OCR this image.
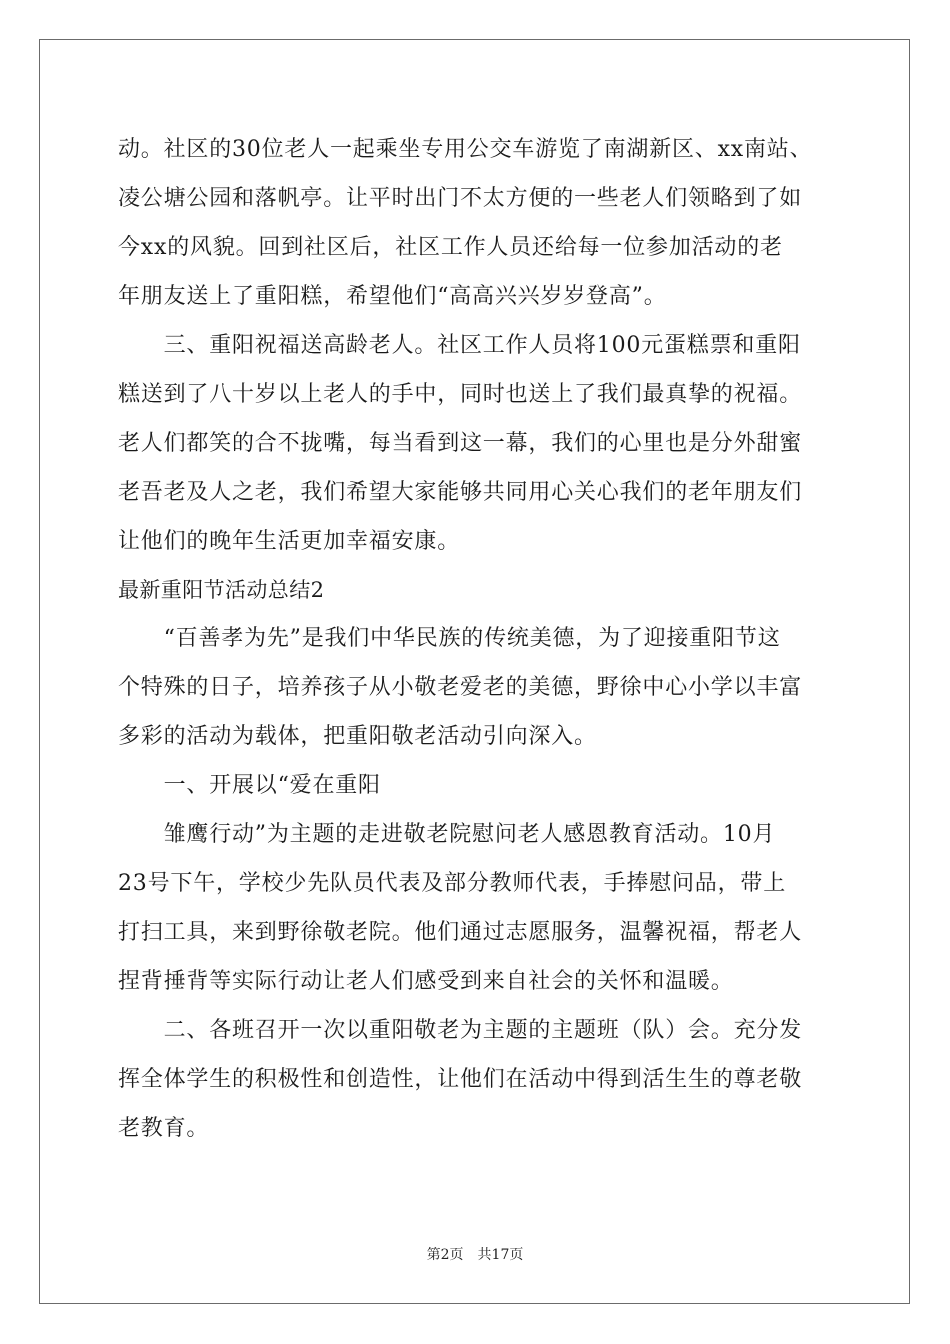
动。社区的30位老人一起乘坐专用公交车游览了南湖新区、xx南站、
凌公塘公园和落帆亭。让平时出门不太方便的一些老人们领略到了如
今xx的风貌。回到社区后，社区工作人员还给每一位参加活动的老
年朋友送上了重阳糕，希望他们“高高兴兴岁岁登高”。
　　三、重阳祝福送高龄老人。社区工作人员将100元蛋糕票和重阳
糕送到了八十岁以上老人的手中，同时也送上了我们最真挚的祝福。
老人们都笑的合不拢嘴，每当看到这一幕，我们的心里也是分外甜蜜
老吾老及人之老，我们希望大家能够共同用心关心我们的老年朋友们
让他们的晚年生活更加幸福安康。
最新重阳节活动总结2
　　“百善孝为先”是我们中华民族的传统美德，为了迎接重阳节这
个特殊的日子，培养孩子从小敬老爱老的美德，野徐中心小学以丰富
多彩的活动为载体，把重阳敬老活动引向深入。
　　一、开展以“爱在重阳
　　雏鹰行动”为主题的走进敬老院慰问老人感恩教育活动。10月
23号下午，学校少先队员代表及部分教师代表，手捧慰问品，带上
打扫工具，来到野徐敬老院。他们通过志愿服务，温馨祝福，帮老人
捏背捶背等实际行动让老人们感受到来自社会的关怀和温暖。
　　二、各班召开一次以重阳敬老为主题的主题班（队）会。充分发
挥全体学生的积极性和创造性，让他们在活动中得到活生生的尊老敬
老教育。
第2页 共17页
